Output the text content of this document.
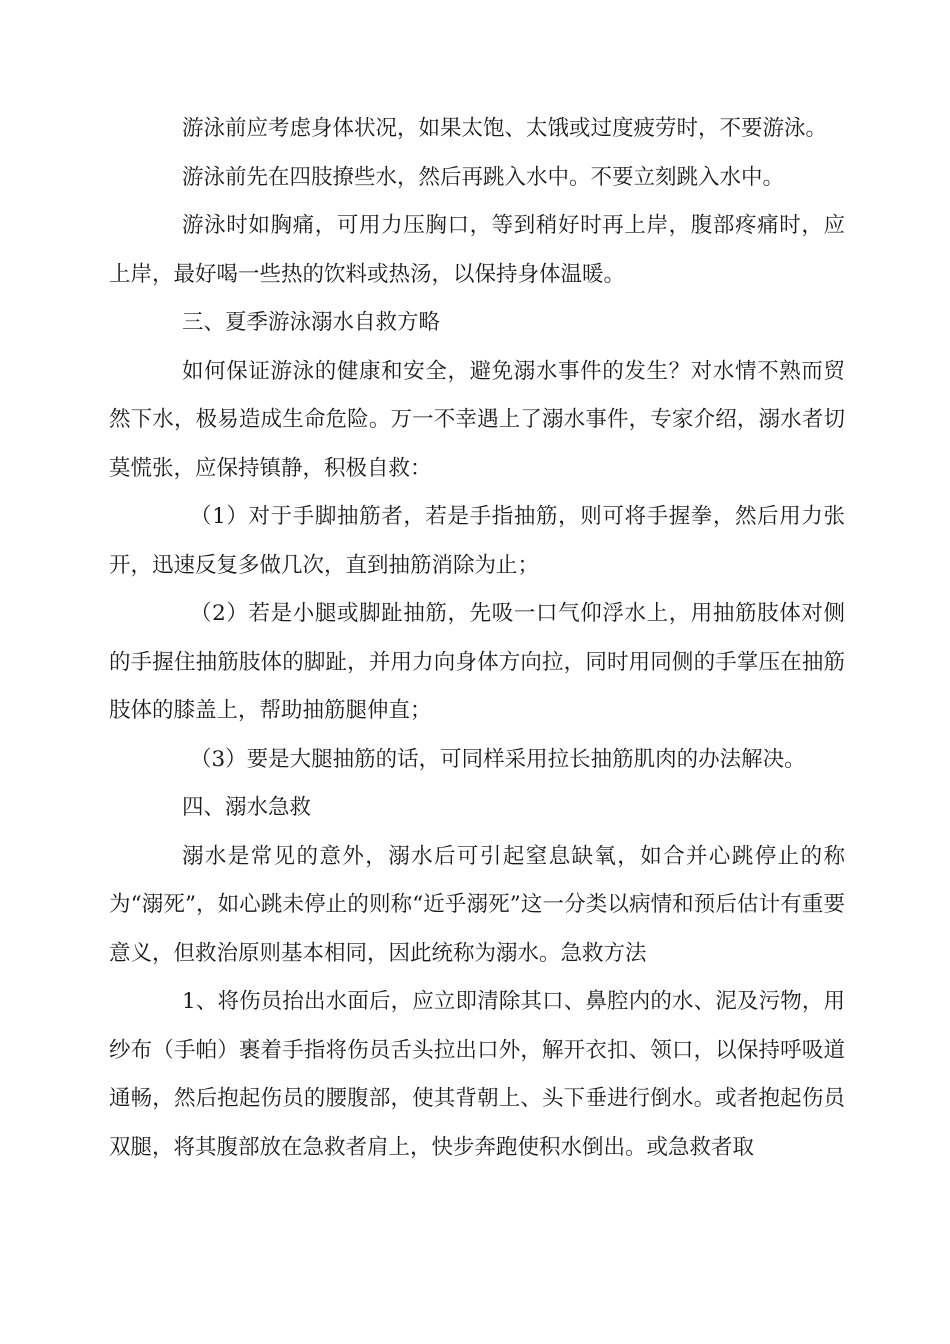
游泳前应考虑身体状况，如果太饱、太饿或过度疲劳时，不要游泳。

游泳前先在四肢撩些水，然后再跳入水中。不要立刻跳入水中。

游泳时如胸痛，可用力压胸口，等到稍好时再上岸，腹部疼痛时，应上岸，最好喝一些热的饮料或热汤，以保持身体温暖。

三、夏季游泳溺水自救方略

如何保证游泳的健康和安全，避免溺水事件的发生？对水情不熟而贸然下水，极易造成生命危险。万一不幸遇上了溺水事件，专家介绍，溺水者切莫慌张，应保持镇静，积极自救：

（1）对于手脚抽筋者，若是手指抽筋，则可将手握拳，然后用力张开，迅速反复多做几次，直到抽筋消除为止；

（2）若是小腿或脚趾抽筋，先吸一口气仰浮水上，用抽筋肢体对侧的手握住抽筋肢体的脚趾，并用力向身体方向拉，同时用同侧的手掌压在抽筋肢体的膝盖上，帮助抽筋腿伸直；

（3）要是大腿抽筋的话，可同样采用拉长抽筋肌肉的办法解决。

四、溺水急救

溺水是常见的意外，溺水后可引起窒息缺氧，如合并心跳停止的称为“溺死”，如心跳未停止的则称“近乎溺死”这一分类以病情和预后估计有重要意义，但救治原则基本相同，因此统称为溺水。急救方法

1、将伤员抬出水面后，应立即清除其口、鼻腔内的水、泥及污物，用纱布（手帕）裹着手指将伤员舌头拉出口外，解开衣扣、领口，以保持呼吸道通畅，然后抱起伤员的腰腹部，使其背朝上、头下垂进行倒水。或者抱起伤员双腿，将其腹部放在急救者肩上，快步奔跑使积水倒出。或急救者取
